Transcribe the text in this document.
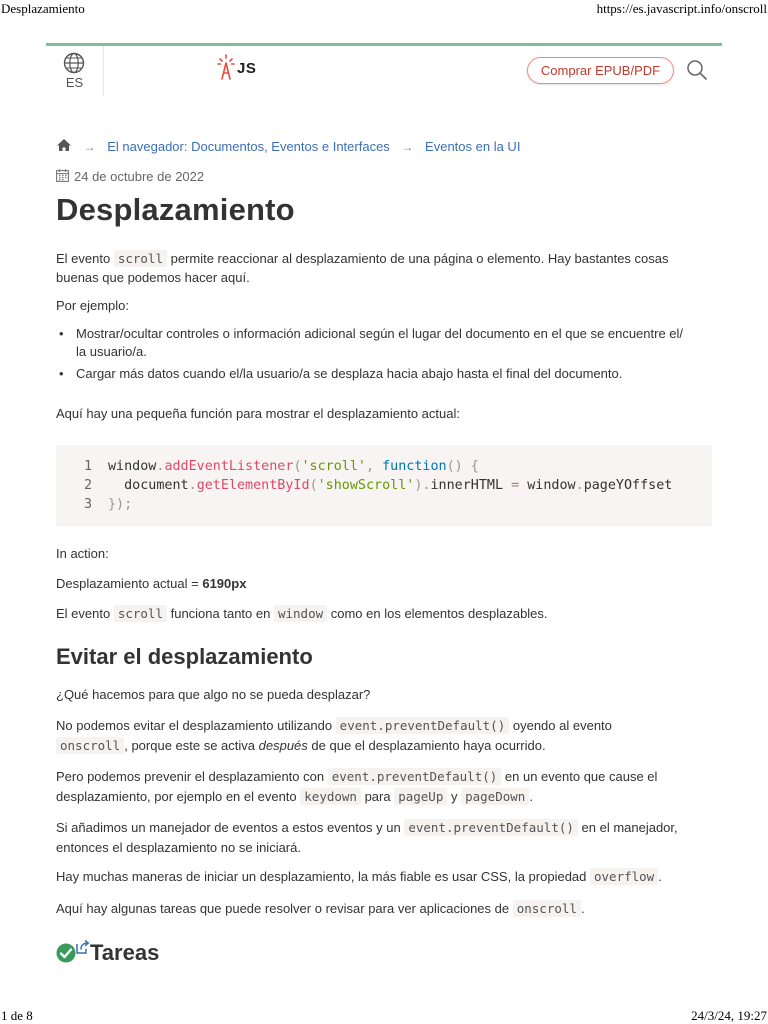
Desplazamiento	https://es.javascript.info/onscroll
ES
JS	Comprar EPUB/PDF
→ El navegador: Documentos, Eventos e Interfaces → Eventos en la UI
24 de octubre de 2022
Desplazamiento

El evento scroll permite reaccionar al desplazamiento de una página o elemento. Hay bastantes cosas
buenas que podemos hacer aquí.

Por ejemplo:

• Mostrar/ocultar controles o información adicional según el lugar del documento en el que se encuentre el/
la usuario/a.
• Cargar más datos cuando el/la usuario/a se desplaza hacia abajo hasta el final del documento.

Aquí hay una pequeña función para mostrar el desplazamiento actual:

1 window.addEventListener('scroll', function() {
2  document.getElementById('showScroll').innerHTML = window.pageYOffset
3 });

In action:

Desplazamiento actual = 6190px

El evento scroll funciona tanto en window como en los elementos desplazables.

Evitar el desplazamiento

¿Qué hacemos para que algo no se pueda desplazar?

No podemos evitar el desplazamiento utilizando event.preventDefault() oyendo al evento
onscroll , porque este se activa después de que el desplazamiento haya ocurrido.

Pero podemos prevenir el desplazamiento con event.preventDefault() en un evento que cause el
desplazamiento, por ejemplo en el evento keydown para pageUp y pageDown .

Si añadimos un manejador de eventos a estos eventos y un event.preventDefault() en el manejador,
entonces el desplazamiento no se iniciará.

Hay muchas maneras de iniciar un desplazamiento, la más fiable es usar CSS, la propiedad overflow .

Aquí hay algunas tareas que puede resolver o revisar para ver aplicaciones de onscroll .

Tareas
1 de 8	24/3/24, 19:27
